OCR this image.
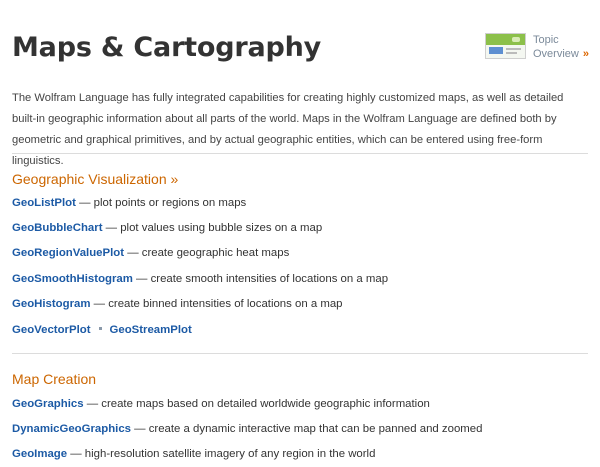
Maps & Cartography	Topic
Overview »

The Wolfram Language has fully integrated capabilities for creating highly customized maps, as well as detailed built-in geographic information about all parts of the world. Maps in the Wolfram Language are defined both by geometric and graphical primitives, and by actual geographic entities, which can be entered using free-form linguistics.

Geographic Visualization »
GeoListPlot — plot points or regions on maps
GeoBubbleChart — plot values using bubble sizes on a map
GeoRegionValuePlot — create geographic heat maps
GeoSmoothHistogram — create smooth intensities of locations on a map
GeoHistogram — create binned intensities of locations on a map
GeoVectorPlot GeoStreamPlot
Map Creation
GeoGraphics — create maps based on detailed worldwide geographic information
DynamicGeoGraphics — create a dynamic interactive map that can be panned and zoomed
GeoImage — high-resolution satellite imagery of any region in the world
